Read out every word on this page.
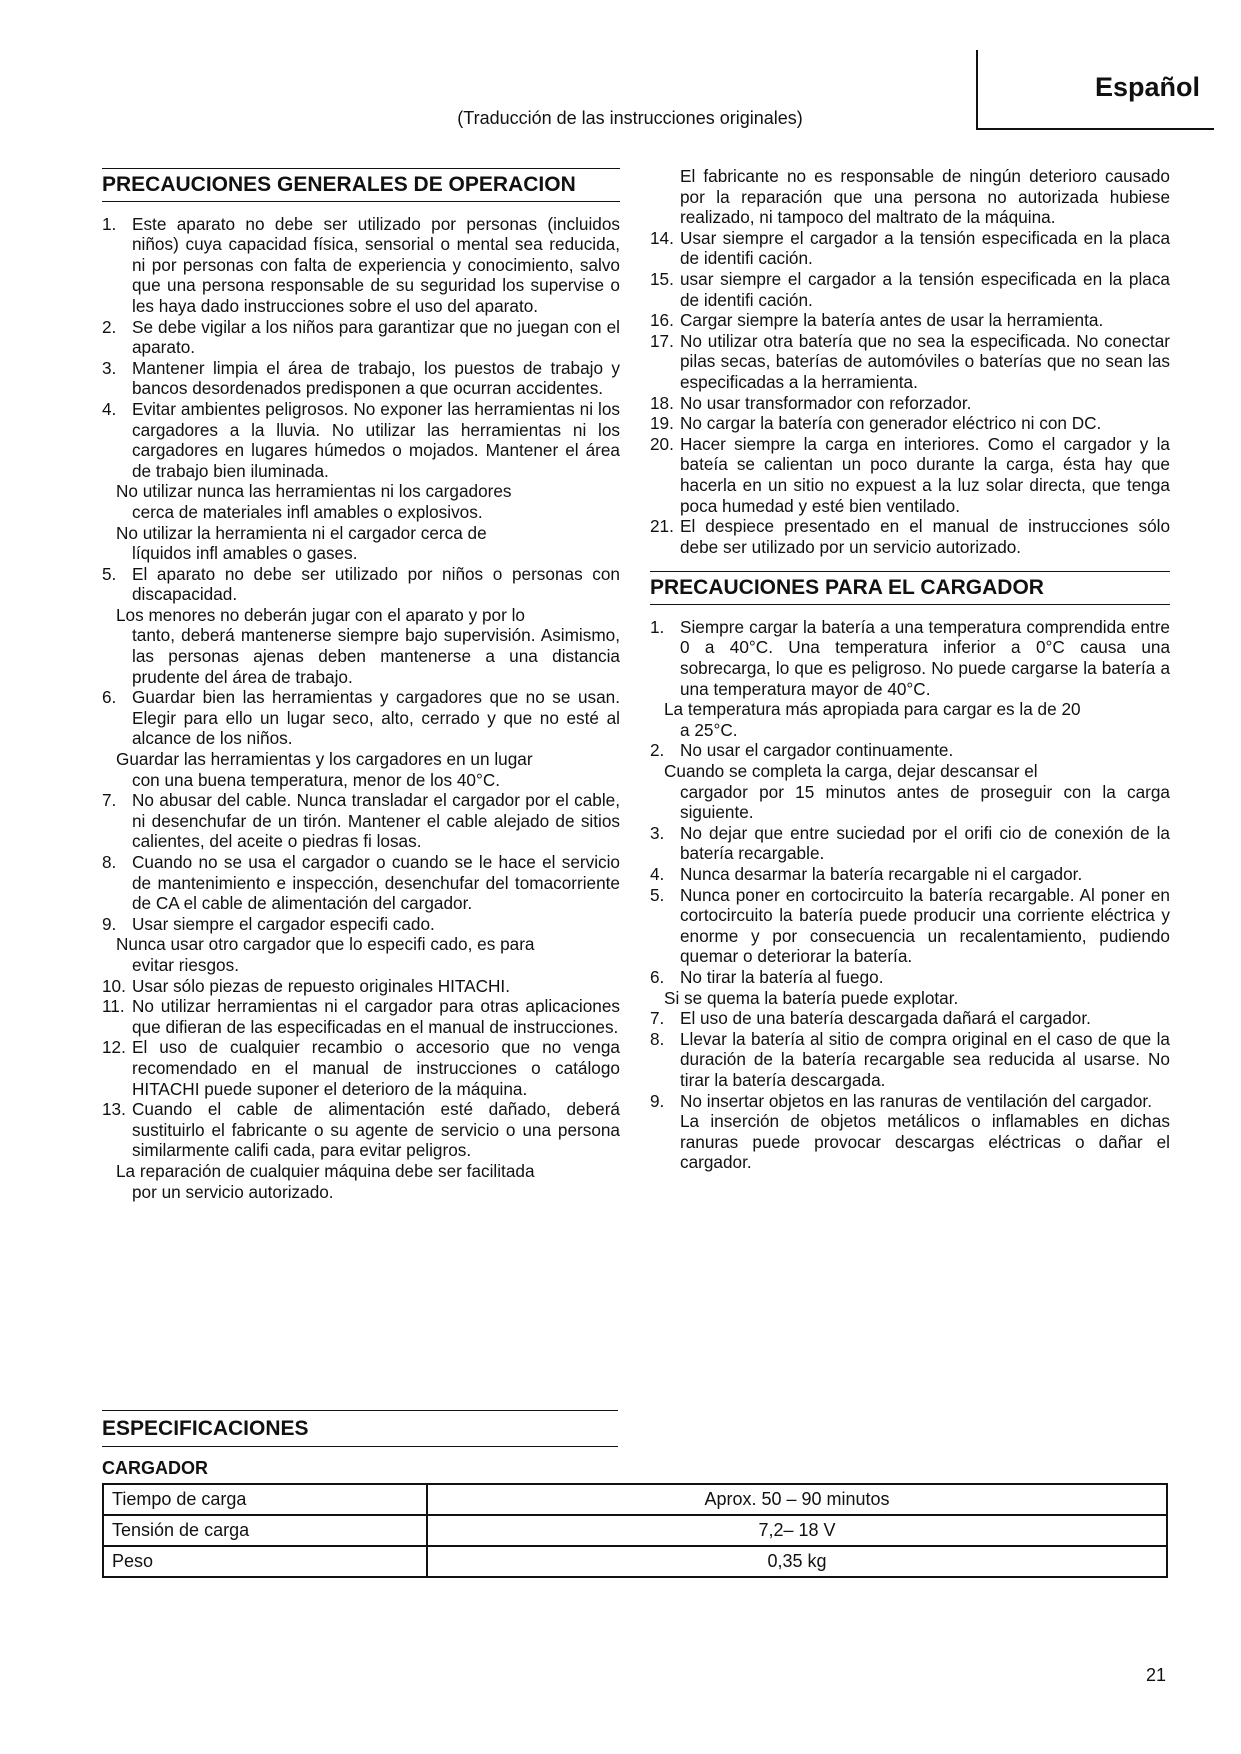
Español
(Traducción de las instrucciones originales)
PRECAUCIONES GENERALES DE OPERACION
1. Este aparato no debe ser utilizado por personas (incluidos niños) cuya capacidad física, sensorial o mental sea reducida, ni por personas con falta de experiencia y conocimiento, salvo que una persona responsable de su seguridad los supervise o les haya dado instrucciones sobre el uso del aparato.
2. Se debe vigilar a los niños para garantizar que no juegan con el aparato.
3. Mantener limpia el área de trabajo, los puestos de trabajo y bancos desordenados predisponen a que ocurran accidentes.
4. Evitar ambientes peligrosos. No exponer las herramientas ni los cargadores a la lluvia. No utilizar las herramientas ni los cargadores en lugares húmedos o mojados. Mantener el área de trabajo bien iluminada.
No utilizar nunca las herramientas ni los cargadores
cerca de materiales infl amables o explosivos.
No utilizar la herramienta ni el cargador cerca de
líquidos infl amables o gases.
5. El aparato no debe ser utilizado por niños o personas con discapacidad.
Los menores no deberán jugar con el aparato y por lo
tanto, deberá mantenerse siempre bajo supervisión. Asimismo, las personas ajenas deben mantenerse a una distancia prudente del área de trabajo.
6. Guardar bien las herramientas y cargadores que no se usan. Elegir para ello un lugar seco, alto, cerrado y que no esté al alcance de los niños.
Guardar las herramientas y los cargadores en un lugar
con una buena temperatura, menor de los 40°C.
7. No abusar del cable. Nunca transladar el cargador por el cable, ni desenchufar de un tirón. Mantener el cable alejado de sitios calientes, del aceite o piedras fi losas.
8. Cuando no se usa el cargador o cuando se le hace el servicio de mantenimiento e inspección, desenchufar del tomacorriente de CA el cable de alimentación del cargador.
9. Usar siempre el cargador especifi cado.
Nunca usar otro cargador que lo especifi cado, es para
evitar riesgos.
10. Usar sólo piezas de repuesto originales HITACHI.
11. No utilizar herramientas ni el cargador para otras aplicaciones que difieran de las especificadas en el manual de instrucciones.
12. El uso de cualquier recambio o accesorio que no venga recomendado en el manual de instrucciones o catálogo HITACHI puede suponer el deterioro de la máquina.
13. Cuando el cable de alimentación esté dañado, deberá sustituirlo el fabricante o su agente de servicio o una persona similarmente califi cada, para evitar peligros.
La reparación de cualquier máquina debe ser facilitada
por un servicio autorizado.
El fabricante no es responsable de ningún deterioro causado por la reparación que una persona no autorizada hubiese realizado, ni tampoco del maltrato de la máquina.
14. Usar siempre el cargador a la tensión especificada en la placa de identifi cación.
15. usar siempre el cargador a la tensión especificada en la placa de identifi cación.
16. Cargar siempre la batería antes de usar la herramienta.
17. No utilizar otra batería que no sea la especificada. No conectar pilas secas, baterías de automóviles o baterías que no sean las especificadas a la herramienta.
18. No usar transformador con reforzador.
19. No cargar la batería con generador eléctrico ni con DC.
20. Hacer siempre la carga en interiores. Como el cargador y la bateía se calientan un poco durante la carga, ésta hay que hacerla en un sitio no expuest a la luz solar directa, que tenga poca humedad y esté bien ventilado.
21. El despiece presentado en el manual de instrucciones sólo debe ser utilizado por un servicio autorizado.
PRECAUCIONES PARA EL CARGADOR
1. Siempre cargar la batería a una temperatura comprendida entre 0 a 40°C. Una temperatura inferior a 0°C causa una sobrecarga, lo que es peligroso. No puede cargarse la batería a una temperatura mayor de 40°C.
La temperatura más apropiada para cargar es la de 20
a 25°C.
2. No usar el cargador continuamente.
Cuando se completa la carga, dejar descansar el
cargador por 15 minutos antes de proseguir con la carga siguiente.
3. No dejar que entre suciedad por el orifi cio de conexión de la batería recargable.
4. Nunca desarmar la batería recargable ni el cargador.
5. Nunca poner en cortocircuito la batería recargable. Al poner en cortocircuito la batería puede producir una corriente eléctrica y enorme y por consecuencia un recalentamiento, pudiendo quemar o deteriorar la batería.
6. No tirar la batería al fuego.
Si se quema la batería puede explotar.
7. El uso de una batería descargada dañará el cargador.
8. Llevar la batería al sitio de compra original en el caso de que la duración de la batería recargable sea reducida al usarse. No tirar la batería descargada.
9. No insertar objetos en las ranuras de ventilación del cargador.
La inserción de objetos metálicos o inflamables en dichas ranuras puede provocar descargas eléctricas o dañar el cargador.
ESPECIFICACIONES
CARGADOR
Tiempo de carga	Aprox. 50 – 90 minutos
Tensión de carga	7,2– 18 V
Peso	0,35 kg
21
